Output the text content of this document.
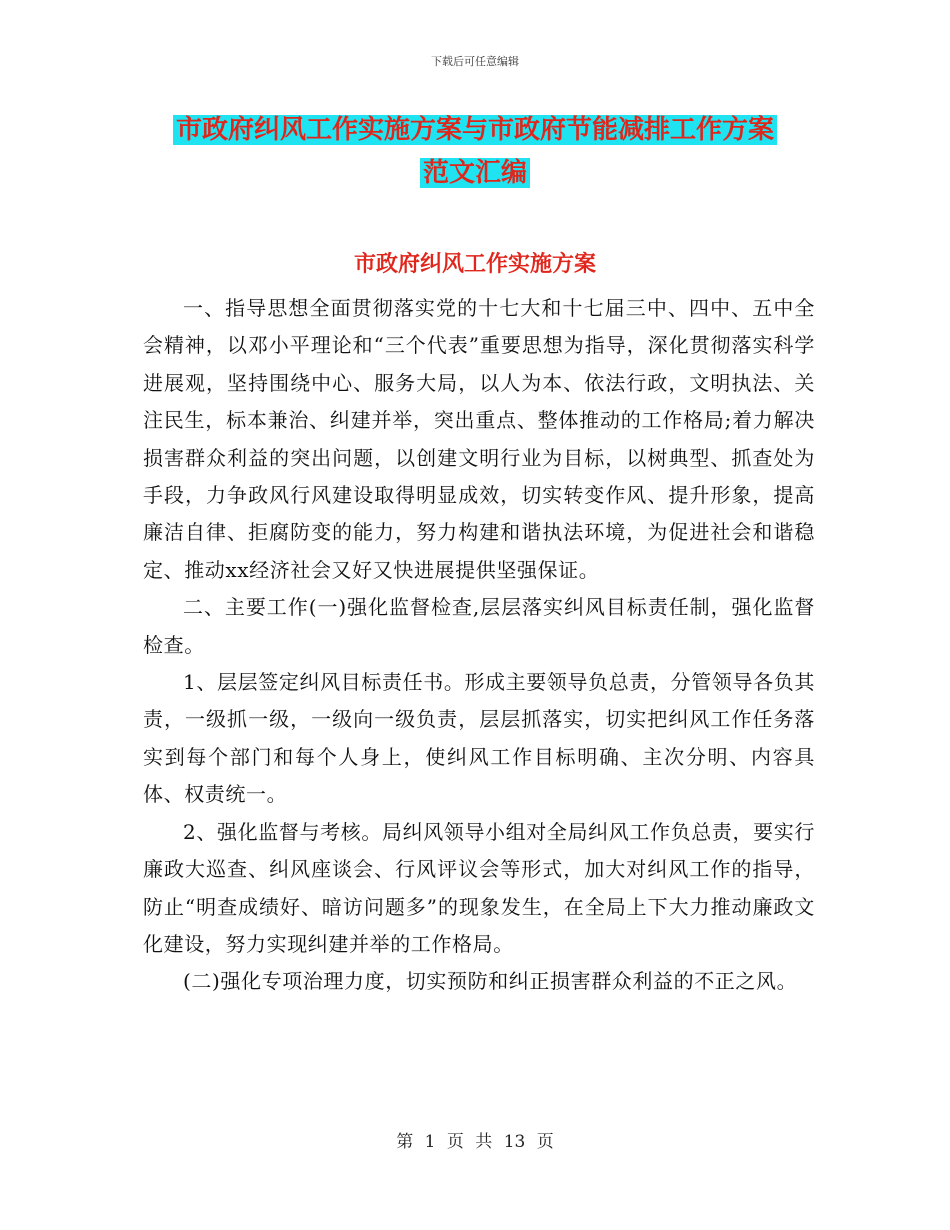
下载后可任意编辑
市政府纠风工作实施方案与市政府节能减排工作方案
范文汇编
市政府纠风工作实施方案

一、指导思想全面贯彻落实党的十七大和十七届三中、四中、五中全会精神，以邓小平理论和“三个代表”重要思想为指导，深化贯彻落实科学进展观，坚持围绕中心、服务大局，以人为本、依法行政，文明执法、关注民生，标本兼治、纠建并举，突出重点、整体推动的工作格局;着力解决损害群众利益的突出问题，以创建文明行业为目标，以树典型、抓查处为手段，力争政风行风建设取得明显成效，切实转变作风、提升形象，提高廉洁自律、拒腐防变的能力，努力构建和谐执法环境，为促进社会和谐稳定、推动xx经济社会又好又快进展提供坚强保证。

二、主要工作(一)强化监督检查,层层落实纠风目标责任制，强化监督检查。

1、层层签定纠风目标责任书。形成主要领导负总责，分管领导各负其责，一级抓一级，一级向一级负责，层层抓落实，切实把纠风工作任务落实到每个部门和每个人身上，使纠风工作目标明确、主次分明、内容具体、权责统一。

2、强化监督与考核。局纠风领导小组对全局纠风工作负总责，要实行廉政大巡查、纠风座谈会、行风评议会等形式，加大对纠风工作的指导，防止“明查成绩好、暗访问题多”的现象发生，在全局上下大力推动廉政文化建设，努力实现纠建并举的工作格局。

(二)强化专项治理力度，切实预防和纠正损害群众利益的不正之风。

第 1 页 共 13 页
